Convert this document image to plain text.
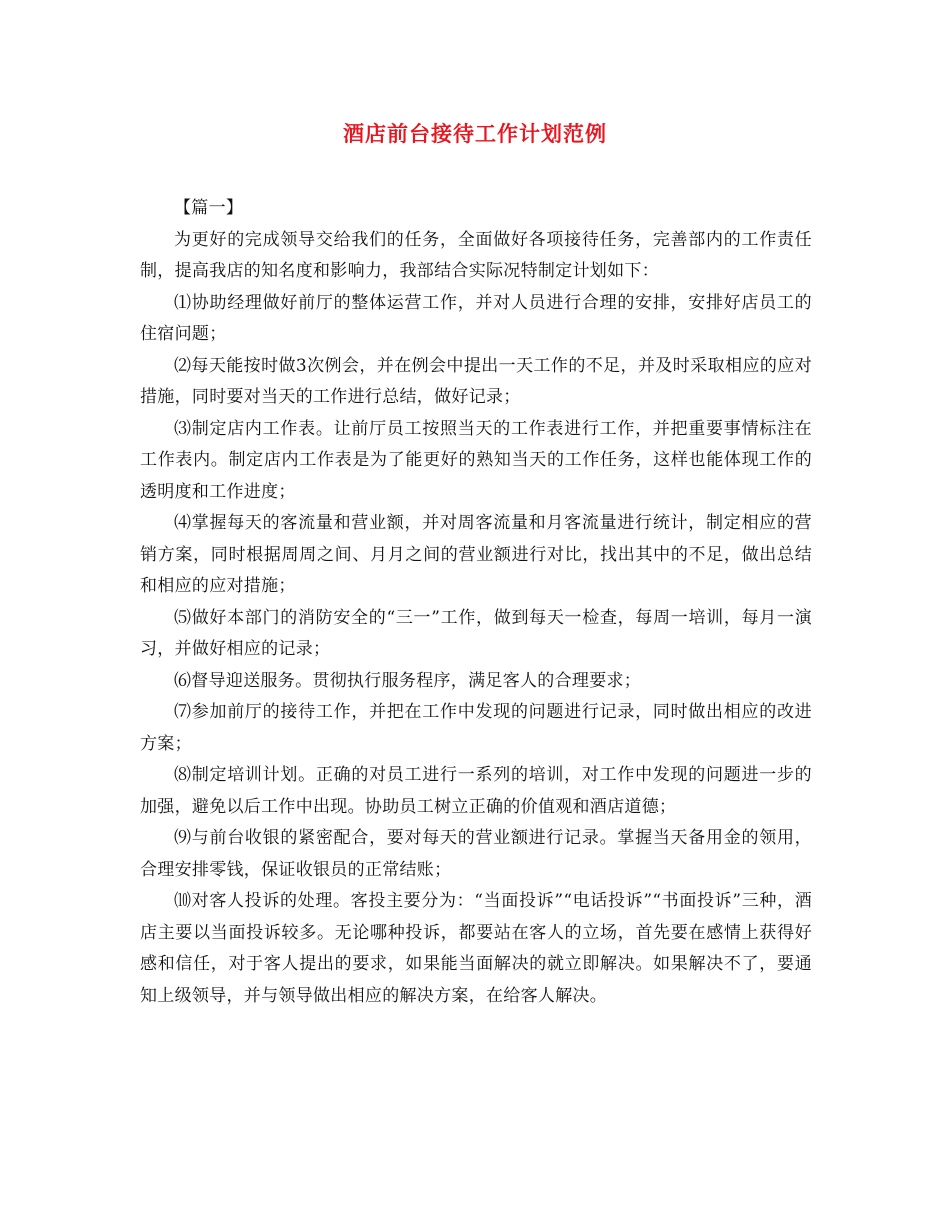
酒店前台接待工作计划范例

【篇一】

为更好的完成领导交给我们的任务，全面做好各项接待任务，完善部内的工作责任制，提高我店的知名度和影响力，我部结合实际况特制定计划如下：

⑴协助经理做好前厅的整体运营工作，并对人员进行合理的安排，安排好店员工的住宿问题；

⑵每天能按时做3次例会，并在例会中提出一天工作的不足，并及时采取相应的应对措施，同时要对当天的工作进行总结，做好记录；

⑶制定店内工作表。让前厅员工按照当天的工作表进行工作，并把重要事情标注在工作表内。制定店内工作表是为了能更好的熟知当天的工作任务，这样也能体现工作的透明度和工作进度；

⑷掌握每天的客流量和营业额，并对周客流量和月客流量进行统计，制定相应的营销方案，同时根据周周之间、月月之间的营业额进行对比，找出其中的不足，做出总结和相应的应对措施；

⑸做好本部门的消防安全的“三一”工作，做到每天一检查，每周一培训，每月一演习，并做好相应的记录；

⑹督导迎送服务。贯彻执行服务程序，满足客人的合理要求；

⑺参加前厅的接待工作，并把在工作中发现的问题进行记录，同时做出相应的改进方案；

⑻制定培训计划。正确的对员工进行一系列的培训，对工作中发现的问题进一步的加强，避免以后工作中出现。协助员工树立正确的价值观和酒店道德；

⑼与前台收银的紧密配合，要对每天的营业额进行记录。掌握当天备用金的领用，合理安排零钱，保证收银员的正常结账；

⑽对客人投诉的处理。客投主要分为：“当面投诉”“电话投诉”“书面投诉”三种，酒店主要以当面投诉较多。无论哪种投诉，都要站在客人的立场，首先要在感情上获得好感和信任，对于客人提出的要求，如果能当面解决的就立即解决。如果解决不了，要通知上级领导，并与领导做出相应的解决方案，在给客人解决。
